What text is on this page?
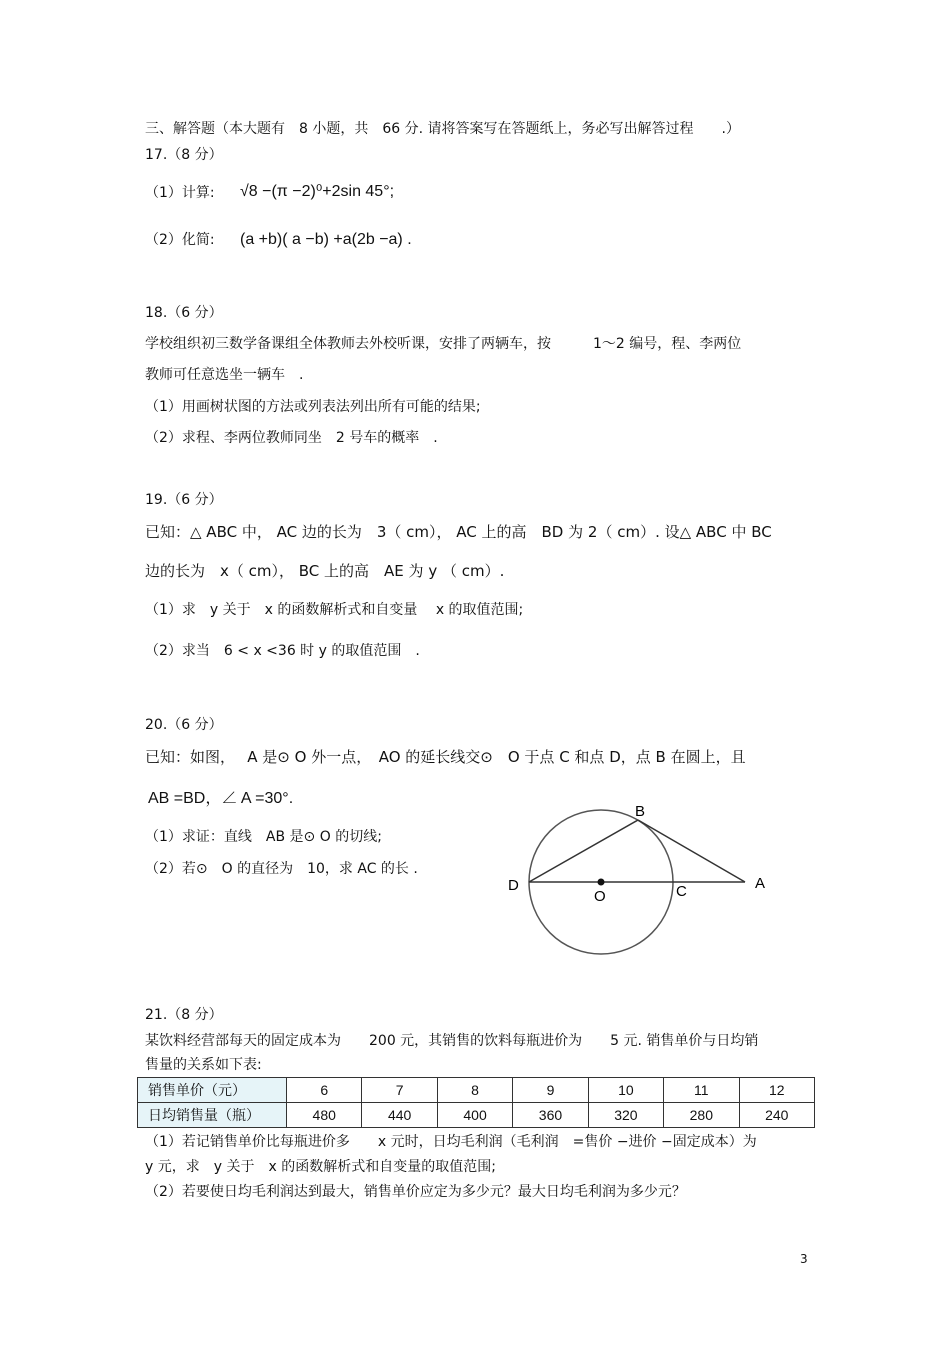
三、解答题（本大题有　8 小题，共　66 分. 请将答案写在答题纸上，务必写出解答过程　　.）
17.（8 分）
（1）计算: √8 −(π −2)⁰+2sin 45°;
（2）化简: (a +b)( a −b) +a(2b −a) .
18.（6 分）
学校组织初三数学备课组全体教师去外校听课，安排了两辆车，按　　　1～2 编号，程、李两位
教师可任意选坐一辆车　.
（1）用画树状图的方法或列表法列出所有可能的结果;
（2）求程、李两位教师同坐　2 号车的概率　.
19.（6 分）
已知：△ ABC 中， AC 边的长为　3（ cm）， AC 上的高　BD 为 2（ cm）. 设△ ABC 中 BC
边的长为　x（ cm）， BC 上的高　AE 为 y （ cm）.
（1）求　y 关于　x 的函数解析式和自变量　 x 的取值范围;
（2）求当　6 < x <36 时 y 的取值范围　.
20.（6 分）
已知：如图，　 A 是⊙ O 外一点，　AO 的延长线交⊙　O 于点 C 和点 D，点 B 在圆上，且
AB =BD，∠ A =30°.
（1）求证：直线　AB 是⊙ O 的切线;
（2）若⊙　O 的直径为　10，求 AC 的长 .
B
D
O	C	A
21.（8 分）
某饮料经营部每天的固定成本为　　200 元，其销售的饮料每瓶进价为　　5 元. 销售单价与日均销
售量的关系如下表:
销售单价（元）	6	7	8	9	10	11	12
日均销售量（瓶）	480	440	400	360	320	280	240
（1）若记销售单价比每瓶进价多　　x 元时，日均毛利润（毛利润　=售价 −进价 −固定成本）为
y 元，求　y 关于　x 的函数解析式和自变量的取值范围;
（2）若要使日均毛利润达到最大，销售单价应定为多少元？最大日均毛利润为多少元？
3
